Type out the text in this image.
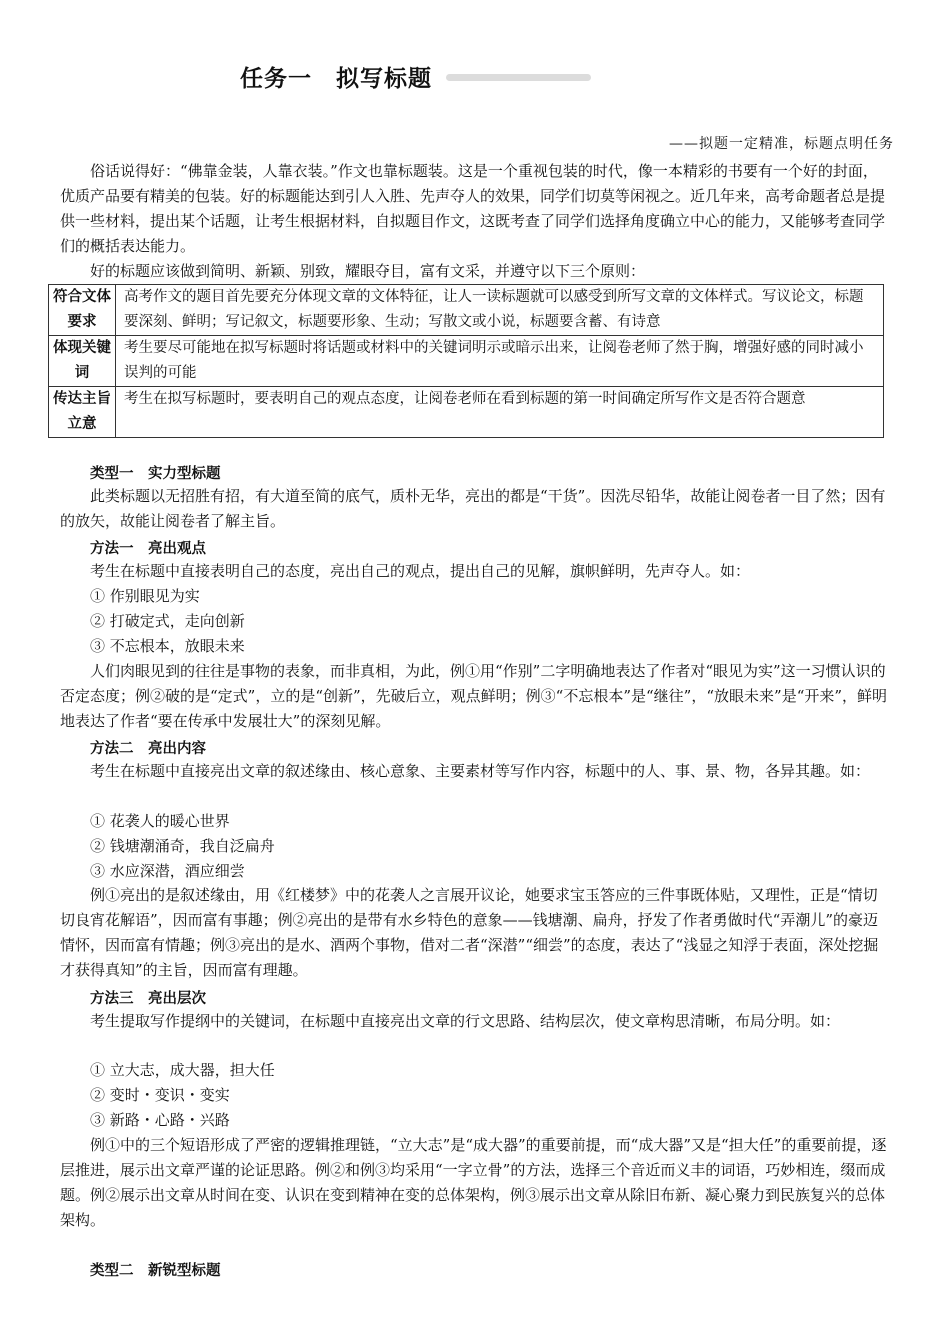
任务一　拟写标题
——拟题一定精准，标题点明任务

俗话说得好：“佛靠金装，人靠衣装。”作文也靠标题装。这是一个重视包装的时代，像一本精彩的书要有一个好的封面，优质产品要有精美的包装。好的标题能达到引人入胜、先声夺人的效果，同学们切莫等闲视之。近几年来，高考命题者总是提供一些材料，提出某个话题，让考生根据材料，自拟题目作文，这既考查了同学们选择角度确立中心的能力，又能够考查同学们的概括表达能力。

好的标题应该做到简明、新颖、别致，耀眼夺目，富有文采，并遵守以下三个原则：

符合文体要求	高考作文的题目首先要充分体现文章的文体特征，让人一读标题就可以感受到所写文章的文体样式。写议论文，标题要深刻、鲜明；写记叙文，标题要形象、生动；写散文或小说，标题要含蓄、有诗意
体现关键词	考生要尽可能地在拟写标题时将话题或材料中的关键词明示或暗示出来，让阅卷老师了然于胸，增强好感的同时减小误判的可能
传达主旨立意	考生在拟写标题时，要表明自己的观点态度，让阅卷老师在看到标题的第一时间确定所写作文是否符合题意
类型一　实力型标题

此类标题以无招胜有招，有大道至简的底气，质朴无华，亮出的都是“干货”。因洗尽铅华，故能让阅卷者一目了然；因有的放矢，故能让阅卷者了解主旨。

方法一　亮出观点

考生在标题中直接表明自己的态度，亮出自己的观点，提出自己的见解，旗帜鲜明，先声夺人。如：

① 作别眼见为实

② 打破定式，走向创新

③ 不忘根本，放眼未来

人们肉眼见到的往往是事物的表象，而非真相，为此，例①用“作别”二字明确地表达了作者对“眼见为实”这一习惯认识的否定态度；例②破的是“定式”，立的是“创新”，先破后立，观点鲜明；例③“不忘根本”是“继往”，“放眼未来”是“开来”，鲜明地表达了作者“要在传承中发展壮大”的深刻见解。

方法二　亮出内容

考生在标题中直接亮出文章的叙述缘由、核心意象、主要素材等写作内容，标题中的人、事、景、物，各异其趣。如：

① 花袭人的暖心世界

② 钱塘潮涌奇，我自泛扁舟

③ 水应深潜，酒应细尝

例①亮出的是叙述缘由，用《红楼梦》中的花袭人之言展开议论，她要求宝玉答应的三件事既体贴，又理性，正是“情切切良宵花解语”，因而富有事趣；例②亮出的是带有水乡特色的意象——钱塘潮、扁舟，抒发了作者勇做时代“弄潮儿”的豪迈情怀，因而富有情趣；例③亮出的是水、酒两个事物，借对二者“深潜”“细尝”的态度，表达了“浅显之知浮于表面，深处挖掘才获得真知”的主旨，因而富有理趣。

方法三　亮出层次

考生提取写作提纲中的关键词，在标题中直接亮出文章的行文思路、结构层次，使文章构思清晰，布局分明。如：

① 立大志，成大器，担大任

② 变时・变识・变实

③ 新路・心路・兴路

例①中的三个短语形成了严密的逻辑推理链，“立大志”是“成大器”的重要前提，而“成大器”又是“担大任”的重要前提，逐层推进，展示出文章严谨的论证思路。例②和例③均采用“一字立骨”的方法，选择三个音近而义丰的词语，巧妙相连，缀而成题。例②展示出文章从时间在变、认识在变到精神在变的总体架构，例③展示出文章从除旧布新、凝心聚力到民族复兴的总体架构。

类型二　新锐型标题
